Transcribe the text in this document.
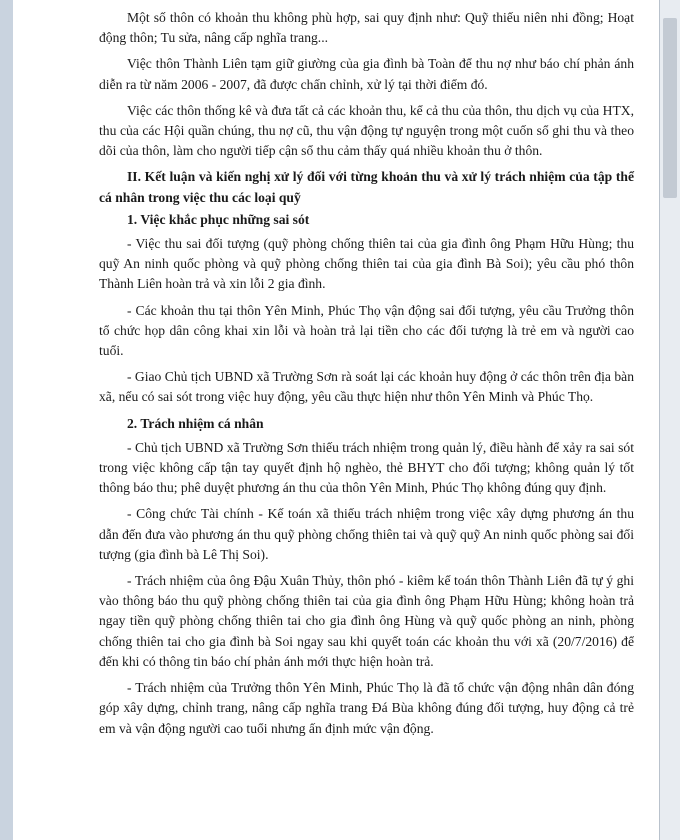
Một số thôn có khoản thu không phù hợp, sai quy định như: Quỹ thiếu niên nhi đồng; Hoạt động thôn; Tu sửa, nâng cấp nghĩa trang...

Việc thôn Thành Liên tạm giữ giường của gia đình bà Toàn để thu nợ như báo chí phản ánh diễn ra từ năm 2006 - 2007, đã được chấn chỉnh, xử lý tại thời điểm đó.

Việc các thôn thống kê và đưa tất cả các khoản thu, kể cả thu của thôn, thu dịch vụ của HTX, thu của các Hội quần chúng, thu nợ cũ, thu vận động tự nguyện trong một cuốn sổ ghi thu và theo dõi của thôn, làm cho người tiếp cận sổ thu cảm thấy quá nhiều khoản thu ở thôn.

II. Kết luận và kiến nghị xử lý đối với từng khoản thu và xử lý trách nhiệm của tập thể cá nhân trong việc thu các loại quỹ
1. Việc khắc phục những sai sót

- Việc thu sai đối tượng (quỹ phòng chống thiên tai của gia đình ông Phạm Hữu Hùng; thu quỹ An ninh quốc phòng và quỹ phòng chống thiên tai của gia đình Bà Soi); yêu cầu phó thôn Thành Liên hoàn trả và xin lỗi 2 gia đình.

- Các khoản thu tại thôn Yên Minh, Phúc Thọ vận động sai đối tượng, yêu cầu Trưởng thôn tổ chức họp dân công khai xin lỗi và hoàn trả lại tiền cho các đối tượng là trẻ em và người cao tuổi.

- Giao Chủ tịch UBND xã Trường Sơn rà soát lại các khoản huy động ở các thôn trên địa bàn xã, nếu có sai sót trong việc huy động, yêu cầu thực hiện như thôn Yên Minh và Phúc Thọ.

2. Trách nhiệm cá nhân

- Chủ tịch UBND xã Trường Sơn thiếu trách nhiệm trong quản lý, điều hành để xảy ra sai sót trong việc không cấp tận tay quyết định hộ nghèo, thẻ BHYT cho đối tượng; không quản lý tốt thông báo thu; phê duyệt phương án thu của thôn Yên Minh, Phúc Thọ không đúng quy định.

- Công chức Tài chính - Kế toán xã thiếu trách nhiệm trong việc xây dựng phương án thu dẫn đến đưa vào phương án thu quỹ phòng chống thiên tai và quỹ quỹ An ninh quốc phòng sai đối tượng (gia đình bà Lê Thị Soi).

- Trách nhiệm của ông Đậu Xuân Thủy, thôn phó - kiêm kế toán thôn Thành Liên đã tự ý ghi vào thông báo thu quỹ phòng chống thiên tai của gia đình ông Phạm Hữu Hùng; không hoàn trả ngay tiền quỹ phòng chống thiên tai cho gia đình ông Hùng và quỹ quốc phòng an ninh, phòng chống thiên tai cho gia đình bà Soi ngay sau khi quyết toán các khoản thu với xã (20/7/2016) để đến khi có thông tin báo chí phản ánh mới thực hiện hoàn trả.

- Trách nhiệm của Trưởng thôn Yên Minh, Phúc Thọ là đã tổ chức vận động nhân dân đóng góp xây dựng, chỉnh trang, nâng cấp nghĩa trang Đá Bùa không đúng đối tượng, huy động cả trẻ em và vận động người cao tuổi nhưng ấn định mức vận động.
